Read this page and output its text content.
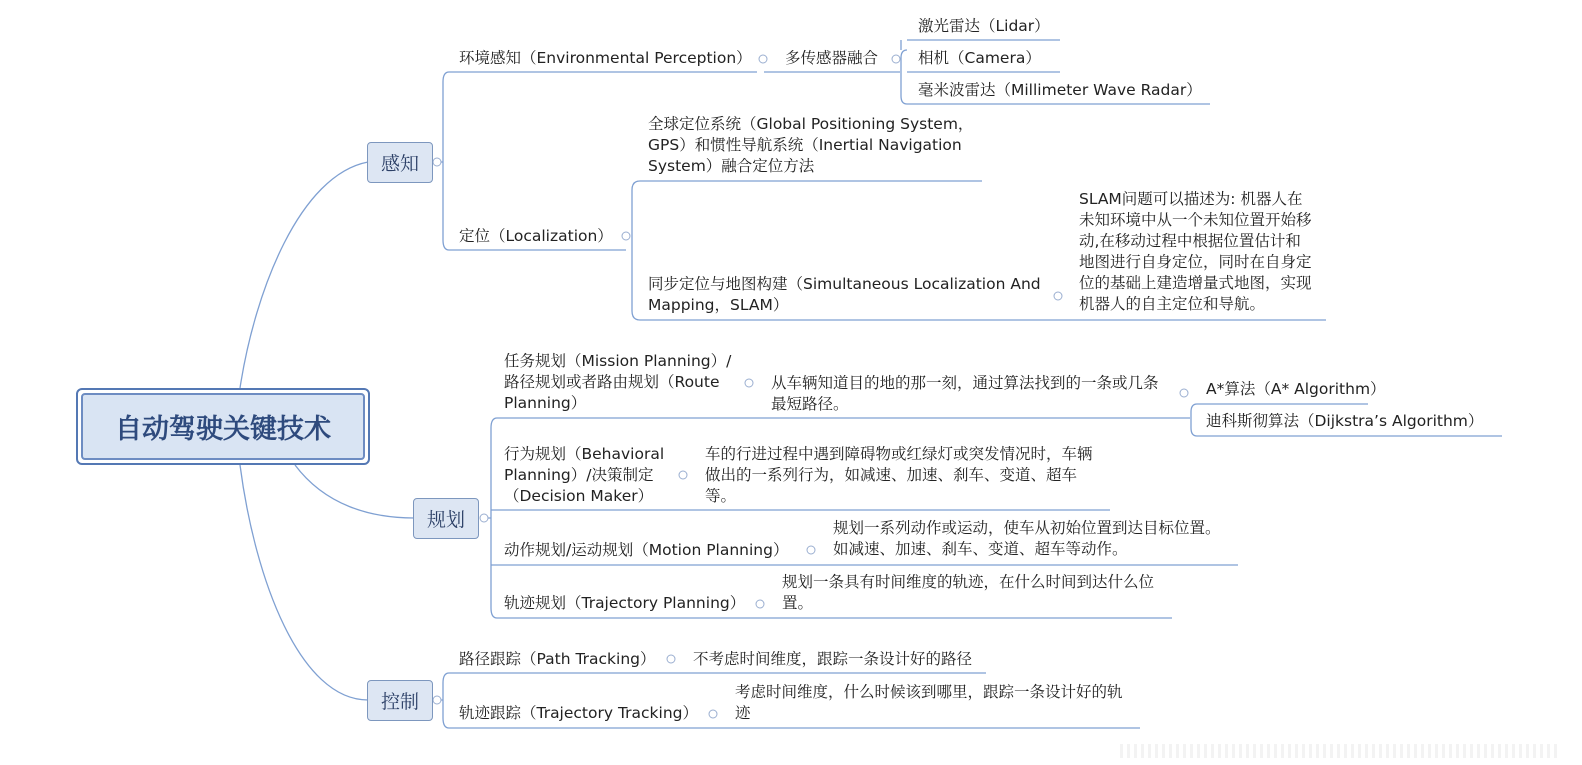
自动驾驶关键技术
感知
规划
控制
环境感知（Environmental Perception） 多传感器融合
激光雷达（Lidar）
相机（Camera）
毫米波雷达（Millimeter Wave Radar）
定位（Localization）
全球定位系统（Global Positioning System，
GPS）和惯性导航系统（Inertial Navigation
System）融合定位方法
同步定位与地图构建（Simultaneous Localization And
Mapping，SLAM）
SLAM问题可以描述为: 机器人在
未知环境中从一个未知位置开始移
动,在移动过程中根据位置估计和
地图进行自身定位，同时在自身定
位的基础上建造增量式地图，实现
机器人的自主定位和导航。
任务规划（Mission Planning）/
路径规划或者路由规划（Route
Planning）
从车辆知道目的地的那一刻，通过算法找到的一条或几条
最短路径。
A*算法（A* Algorithm）
迪科斯彻算法（Dijkstra’s Algorithm）
行为规划（Behavioral
Planning）/决策制定
（Decision Maker）
车的行进过程中遇到障碍物或红绿灯或突发情况时，车辆
做出的一系列行为，如减速、加速、刹车、变道、超车
等。
动作规划/运动规划（Motion Planning）
规划一系列动作或运动，使车从初始位置到达目标位置。
如减速、加速、刹车、变道、超车等动作。
轨迹规划（Trajectory Planning）
规划一条具有时间维度的轨迹，在什么时间到达什么位
置。
路径跟踪（Path Tracking） 不考虑时间维度，跟踪一条设计好的路径
轨迹跟踪（Trajectory Tracking）
考虑时间维度，什么时候该到哪里，跟踪一条设计好的轨
迹
